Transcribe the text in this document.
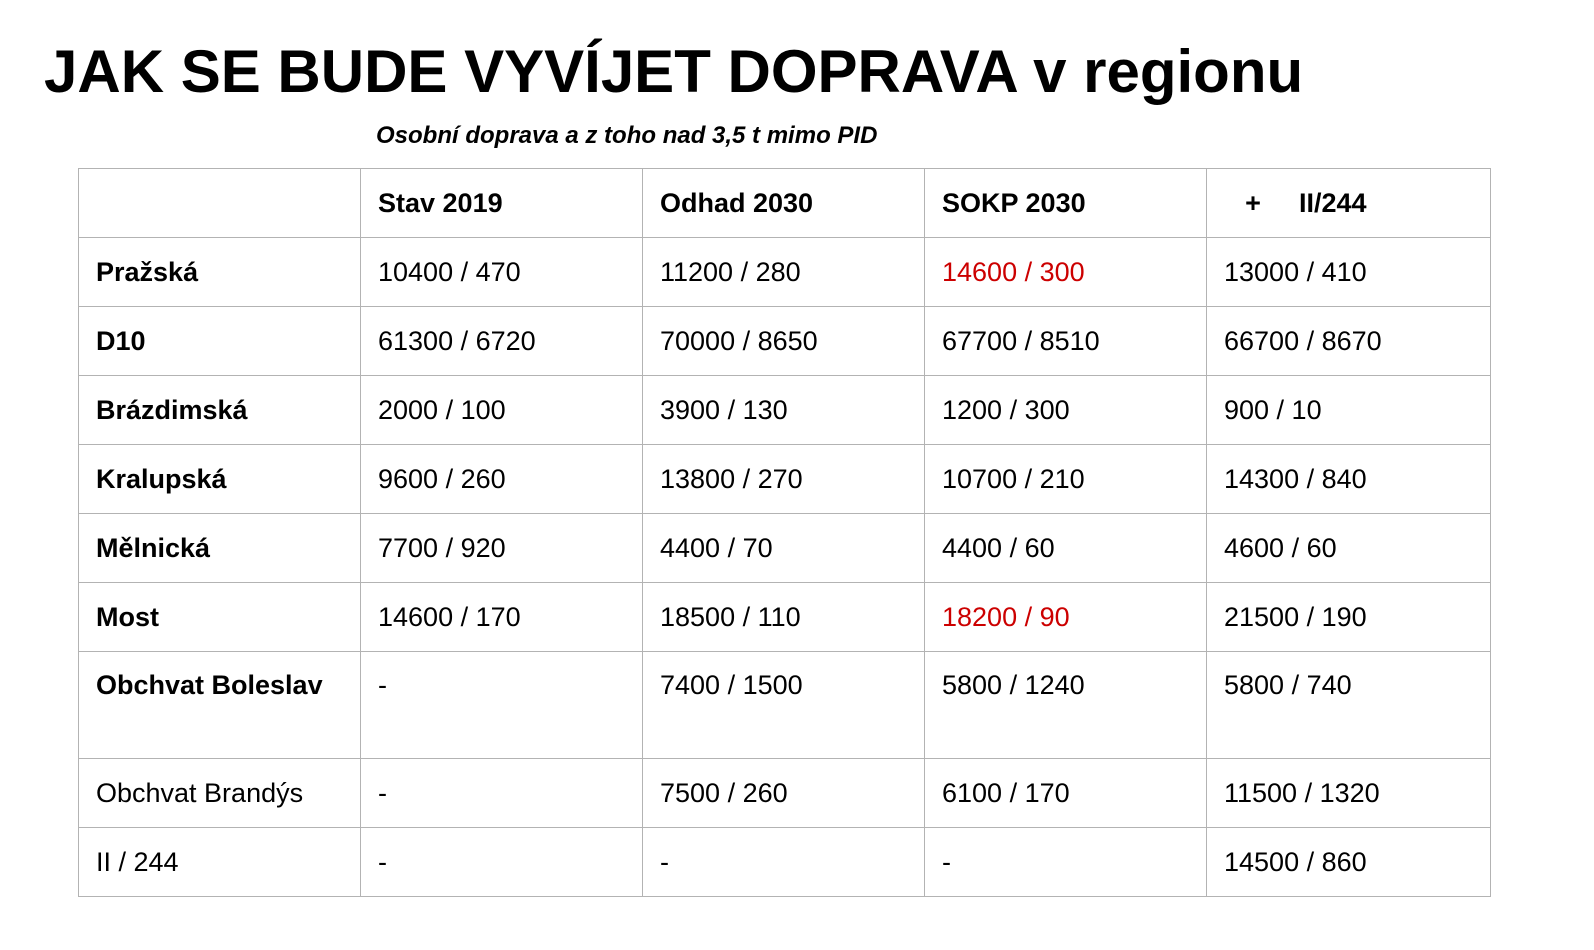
JAK SE BUDE VYVÍJET DOPRAVA v regionu
Osobní doprava a z toho nad 3,5 t mimo PID
	Stav 2019	Odhad 2030	SOKP 2030	+ II/244
Pražská	10400 / 470	11200 / 280	14600 / 300	13000 / 410
D10	61300 / 6720	70000 / 8650	67700 / 8510	66700 / 8670
Brázdimská	2000 / 100	3900 / 130	1200 / 300	900 / 10
Kralupská	9600 / 260	13800 / 270	10700 / 210	14300 / 840
Mělnická	7700 / 920	4400 / 70	4400 / 60	4600 / 60
Most	14600 / 170	18500 / 110	18200 / 90	21500 / 190
Obchvat Boleslav	-	7400 / 1500	5800 / 1240	5800 / 740
Obchvat Brandýs	-	7500 / 260	6100 / 170	11500 / 1320
II / 244	-	-	-	14500 / 860
